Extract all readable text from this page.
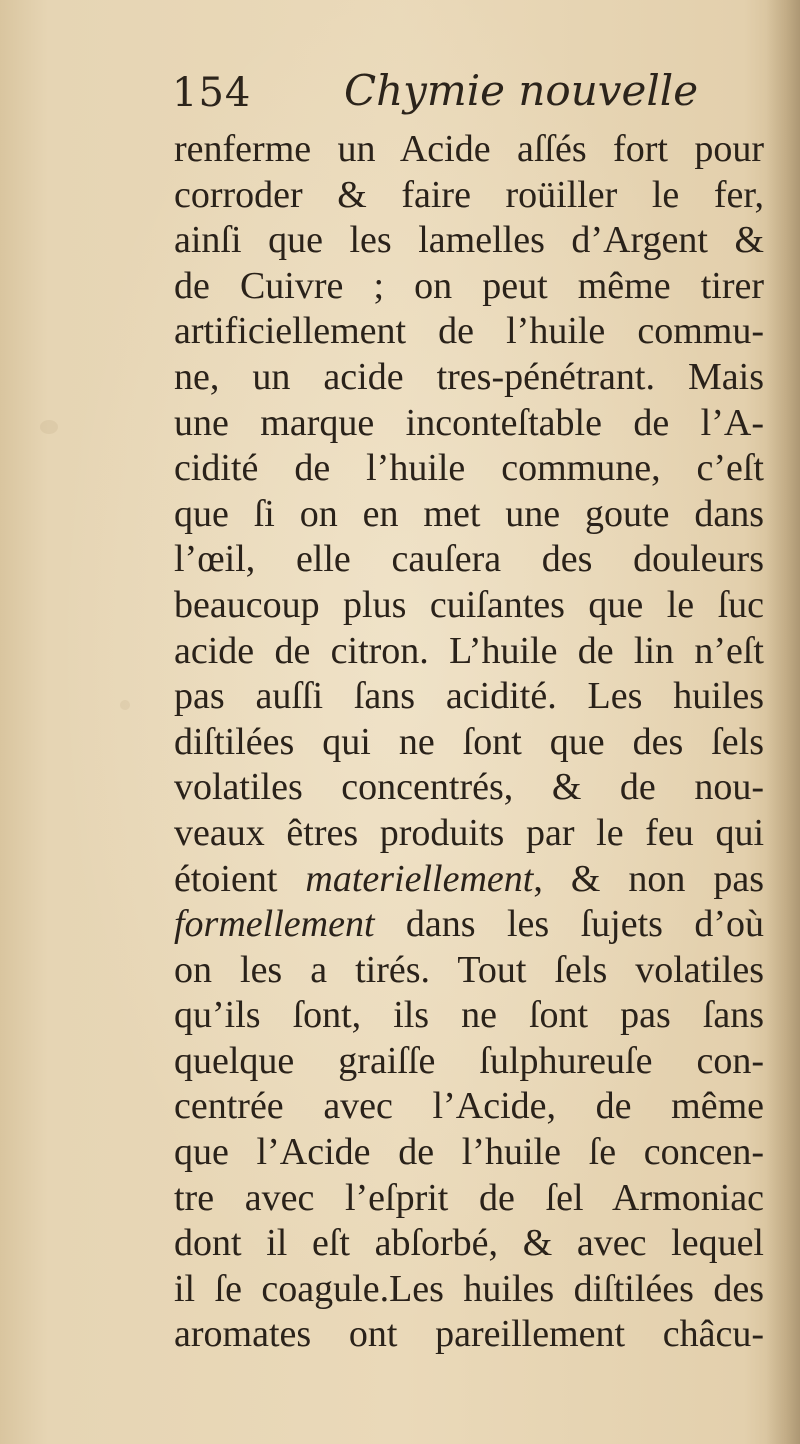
154 Chymie nouvelle
renferme un Acide aſſés fort pour
corroder & faire roüiller le fer,
ainſi que les lamelles d’Argent &
de Cuivre ; on peut même tirer
artificiellement de l’huile commu-
ne, un acide tres-pénétrant. Mais
une marque inconteſtable de l’A-
cidité de l’huile commune, c’eſt
que ſi on en met une goute dans
l’œil, elle cauſera des douleurs
beaucoup plus cuiſantes que le ſuc
acide de citron. L’huile de lin n’eſt
pas auſſi ſans acidité. Les huiles
diſtilées qui ne ſont que des ſels
volatiles concentrés, & de nou-
veaux êtres produits par le feu qui
étoient materiellement, & non pas
formellement dans les ſujets d’où
on les a tirés. Tout ſels volatiles
qu’ils ſont, ils ne ſont pas ſans
quelque graiſſe ſulphureuſe con-
centrée avec l’Acide, de même
que l’Acide de l’huile ſe concen-
tre avec l’eſprit de ſel Armoniac
dont il eſt abſorbé, & avec lequel
il ſe coagule.Les huiles diſtilées des
aromates ont pareillement châcu-
